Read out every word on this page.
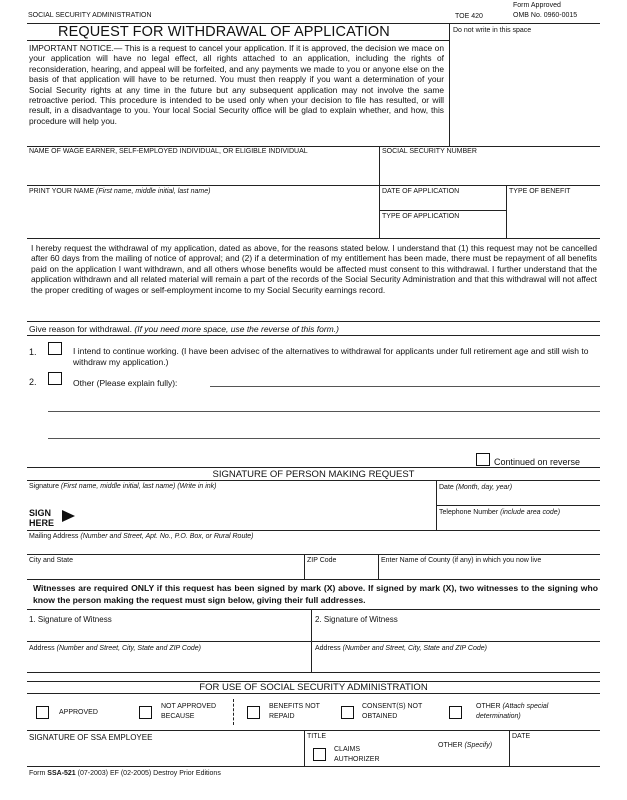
SOCIAL SECURITY ADMINISTRATION	TOE 420
Form Approved
OMB No. 0960-0015
REQUEST FOR WITHDRAWAL OF APPLICATION	Do not write in this space
IMPORTANT NOTICE.— This is a request to cancel your application. If it is approved, the decision we mace on your application will have no legal effect, all rights attached to an application, including the rights of reconsideration, hearing, and appeal will be forfeited, and any payments we made to you or anyone else on the basis of that application will have to be returned. You must then reapply if you want a determination of your Social Security rights at any time in the future but any subsequent application may not involve the same retroactive period. This procedure is intended to be used only when your decision to file has resulted, or will result, in a disadvantage to you. Your local Social Security office will be glad to explain whether, and how, this procedure will help you.
NAME OF WAGE EARNER, SELF-EMPLOYED INDIVIDUAL, OR ELIGIBLE INDIVIDUAL	SOCIAL SECURITY NUMBER
PRINT YOUR NAME (First name, middle initial, last name)	DATE OF APPLICATION	TYPE OF BENEFIT
TYPE OF APPLICATION
I hereby request the withdrawal of my application, dated as above, for the reasons stated below. I understand that (1) this request may not be cancelled after 60 days from the mailing of notice of approval; and (2) if a determination of my entitlement has been made, there must be repayment of all benefits paid on the application I want withdrawn, and all others whose benefits would be affected must consent to this withdrawal. I further understand that the application withdrawn and all related material will remain a part of the records of the Social Security Administration and that this withdrawal will not affect the proper crediting of wages or self-employment income to my Social Security earnings record.
Give reason for withdrawal. (If you need more space, use the reverse of this form.)
1.	I intend to continue working. (I have been advisec of the alternatives to withdrawal for applicants under full retirement age and still wish to withdraw my application.)
2.	Other (Please explain fully):
Continued on reverse
SIGNATURE OF PERSON MAKING REQUEST
Signature (First name, middle initial, last name) (Write in ink)
SIGN
HERE
Date (Month, day, year)
Telephone Number (include area code)
Mailing Address (Number and Street, Apt. No., P.O. Box, or Rural Route)
City and State	ZIP Code	Enter Name of County (if any) in which you now live
Witnesses are required ONLY if this request has been signed by mark (X) above. If signed by mark (X), two witnesses to the signing who know the person making the request must sign below, giving their full addresses.
1. Signature of Witness	2. Signature of Witness
Address (Number and Street, City, State and ZIP Code)	Address (Number and Street, City, State and ZIP Code)
FOR USE OF SOCIAL SECURITY ADMINISTRATION
APPROVED
NOT APPROVED
BECAUSE
BENEFITS NOT
REPAID
CONSENT(S) NOT
OBTAINED
OTHER (Attach special
determination)
SIGNATURE OF SSA EMPLOYEE	TITLE
CLAIMS
AUTHORIZER
OTHER (Specify)
DATE
Form SSA-521 (07-2003) EF (02-2005) Destroy Prior Editions
